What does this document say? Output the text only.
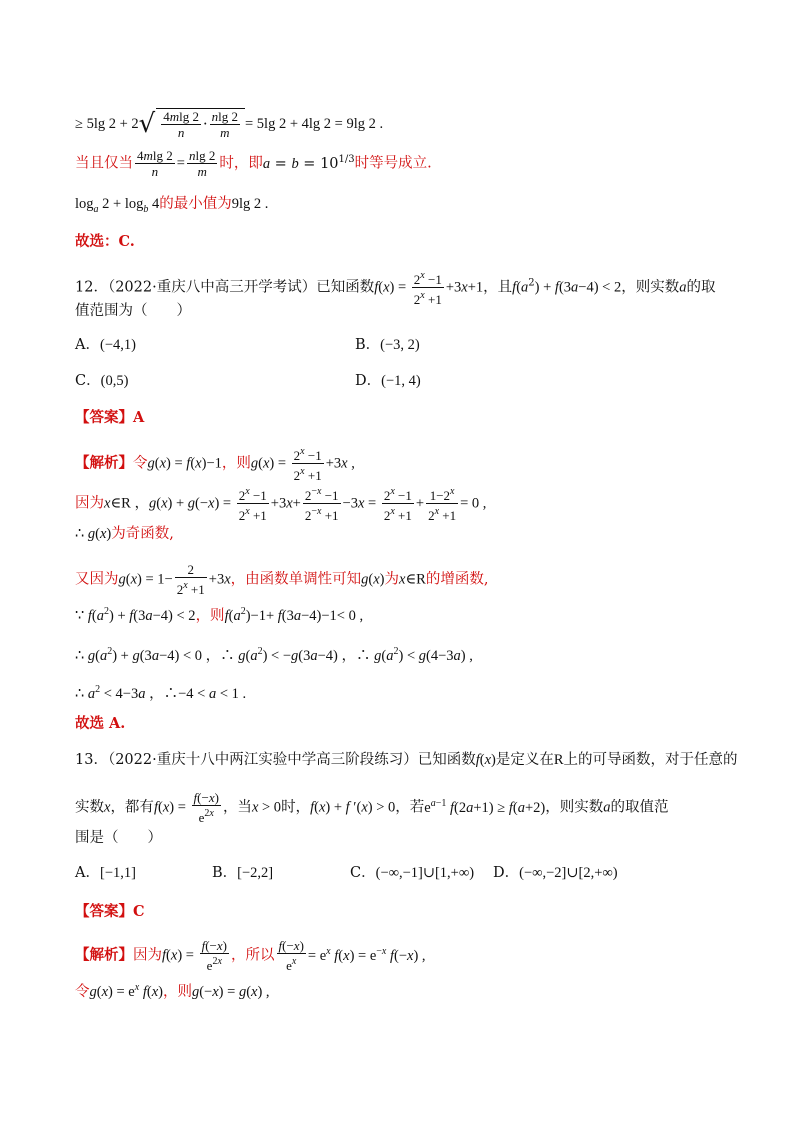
≥ 5lg $2 + 2√ \frac{4mlg 2}{n} \cdot \frac{nlg 2}{m} = 5\lg$ 2 + 4lg 2 = 9lg 2 .
当且仅当 $\frac{4mlg 2}{n} = \frac{nlg 2}{m}$ 时，即$a = b = 10^{1/3}$时等号成立.
$\log_a 2 + \log_b 4$的最小值为9lg 2 .
故选：C.
12．（2022·重庆八中高三开学考试）已知函数$f(x) = \frac{2^x -1}{2^x +1} +3x+1$，且$f(a^2) + f(3a-4) < 2$，则实数a的取
值范围为（　　）
A．(−4,1)	B．(−3, 2)
C．(0,5)	D．(−1, 4)
【答案】A
【解析】令g(x) = f(x)−1，则$g(x) = \frac{2^x -1}{2^x +1} +3x$ ,
因为x∈R ，$g(x) + g(-x) = \frac{2^x -1}{2^x +1} +3x+ \frac{2^{-x} -1}{2^{-x} +1} -3x = \frac{2^x -1}{2^x +1} + \frac{1-2^x}{2^x +1} = 0$ ,
∴ g(x)为奇函数,
又因为$g(x) = 1- \frac{2}{2^x +1} +3x$，由函数单调性可知g(x)为x∈R的增函数,
∵ $f(a^2) + f(3a-4) < 2$，则$f(a^2)-1+ f(3a-4)-1< 0$ ,
∴ $g(a^2) + g(3a-4) < 0$ ，∴ $g(a^2) < -g(3a-4)$ ，∴ $g(a^2) < g(4-3a)$ ,
∴ $a^2 < 4-3a$ ，∴−4 < a < 1 .
故选 A.
13．（2022·重庆十八中两江实验中学高三阶段练习）已知函数f(x)是定义在R上的可导函数，对于任意的
实数x，都有$f(x) = \frac{f(-x)}{e^{2x}}$ ，当x > 0时，f(x) + f ′(x) > 0，若$e^{a-1}$ f(2a+1) ≥ f(a+2)，则实数a的取值范
围是（　　）
A．[−1,1]	B．[−2,2]	C．(−∞,−1]∪[1,+∞) D．(−∞,−2]∪[2,+∞)
【答案】C
【解析】因为$f(x) = \frac{f(-x)}{e^{2x}}$ ，所以 $\frac{f(-x)}{e^x} = e^x$ $f(x) = e^{-x}$ f(−x) ,
令$g(x) = e^x$ f(x)，则g(−x) = g(x) ,
